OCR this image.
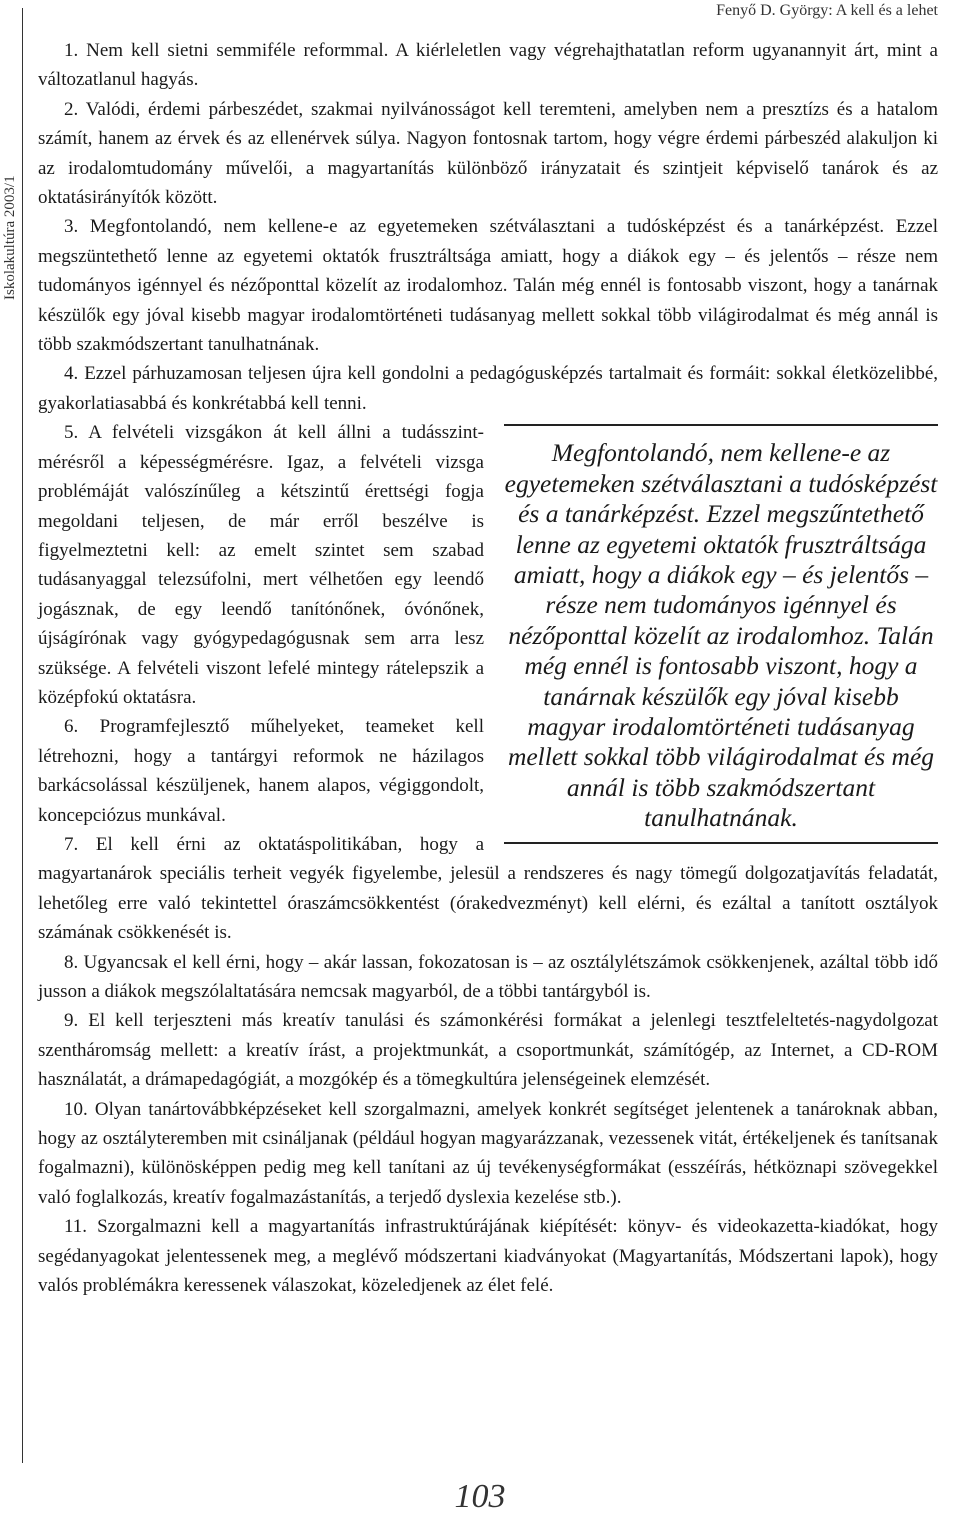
Iskolakultúra 2003/1
Fenyő D. György: A kell és a lehet

1. Nem kell sietni semmiféle reformmal. A kiérleletlen vagy végrehajthatatlan reform ugyanannyit árt, mint a változatlanul hagyás.

2. Valódi, érdemi párbeszédet, szakmai nyilvánosságot kell teremteni, amelyben nem a presztízs és a hatalom számít, hanem az érvek és az ellenérvek súlya. Nagyon fontosnak tartom, hogy végre érdemi párbeszéd alakuljon ki az irodalomtudomány művelői, a magyartanítás különböző irányzatait és szintjeit képviselő tanárok és az oktatásirányítók között.

3. Megfontolandó, nem kellene-e az egyetemeken szétválasztani a tudósképzést és a tanárképzést. Ezzel megszüntethető lenne az egyetemi oktatók frusztráltsága amiatt, hogy a diákok egy – és jelentős – része nem tudományos igénnyel és nézőponttal közelít az irodalomhoz. Talán még ennél is fontosabb viszont, hogy a tanárnak készülők egy jóval kisebb magyar irodalomtörténeti tudásanyag mellett sokkal több világirodalmat és még annál is több szakmódszertant tanulhatnának.

4. Ezzel párhuzamosan teljesen újra kell gondolni a pedagógusképzés tartalmait és formáit: sokkal életközelibbé, gyakorlatiasabbá és konkrétabbá kell tenni.

Megfontolandó, nem kellene-e az egyetemeken szétválasztani a tudósképzést és a tanárképzést. Ezzel megszűntethető lenne az egyetemi oktatók frusztráltsága amiatt, hogy a diákok egy – és jelentős – része nem tudományos igénnyel és nézőponttal közelít az irodalomhoz. Talán még ennél is fontosabb viszont, hogy a tanárnak készülők egy jóval kisebb magyar irodalomtörténeti tudásanyag mellett sokkal több világirodalmat és még annál is több szakmódszertant tanulhatnának.

5. A felvételi vizsgákon át kell állni a tudásszint-mérésről a képességmérésre. Igaz, a felvételi vizsga problémáját valószínűleg a kétszintű érettségi fogja megoldani teljesen, de már erről beszélve is figyelmeztetni kell: az emelt szintet sem szabad tudásanyaggal telezsúfolni, mert vélhetően egy leendő jogásznak, de egy leendő tanítónőnek, óvónőnek, újságírónak vagy gyógypedagógusnak sem arra lesz szüksége. A felvételi viszont lefelé mintegy rátelepszik a középfokú oktatásra.

6. Programfejlesztő műhelyeket, teameket kell létrehozni, hogy a tantárgyi reformok ne házilagos barkácsolással készüljenek, hanem alapos, végiggondolt, koncepciózus munkával.

7. El kell érni az oktatáspolitikában, hogy a magyartanárok speciális terheit vegyék figyelembe, jelesül a rendszeres és nagy tömegű dolgozatjavítás feladatát, lehetőleg erre való tekintettel óraszámcsökkentést (órakedvezményt) kell elérni, és ezáltal a tanított osztályok számának csökkenését is.

8. Ugyancsak el kell érni, hogy – akár lassan, fokozatosan is – az osztálylétszámok csökkenjenek, azáltal több idő jusson a diákok megszólaltatására nemcsak magyarból, de a többi tantárgyból is.

9. El kell terjeszteni más kreatív tanulási és számonkérési formákat a jelenlegi tesztfeleltetés-nagydolgozat szentháromság mellett: a kreatív írást, a projektmunkát, a csoportmunkát, számítógép, az Internet, a CD-ROM használatát, a drámapedagógiát, a mozgókép és a tömegkultúra jelenségeinek elemzését.

10. Olyan tanártovábbképzéseket kell szorgalmazni, amelyek konkrét segítséget jelentenek a tanároknak abban, hogy az osztályteremben mit csináljanak (például hogyan magyarázzanak, vezessenek vitát, értékeljenek és tanítsanak fogalmazni), különösképpen pedig meg kell tanítani az új tevékenységformákat (esszéírás, hétköznapi szövegekkel való foglalkozás, kreatív fogalmazástanítás, a terjedő dyslexia kezelése stb.).

11. Szorgalmazni kell a magyartanítás infrastruktúrájának kiépítését: könyv- és videokazetta-kiadókat, hogy segédanyagokat jelentessenek meg, a meglévő módszertani kiadványokat (Magyartanítás, Módszertani lapok), hogy valós problémákra keressenek válaszokat, közeledjenek az élet felé.

103
